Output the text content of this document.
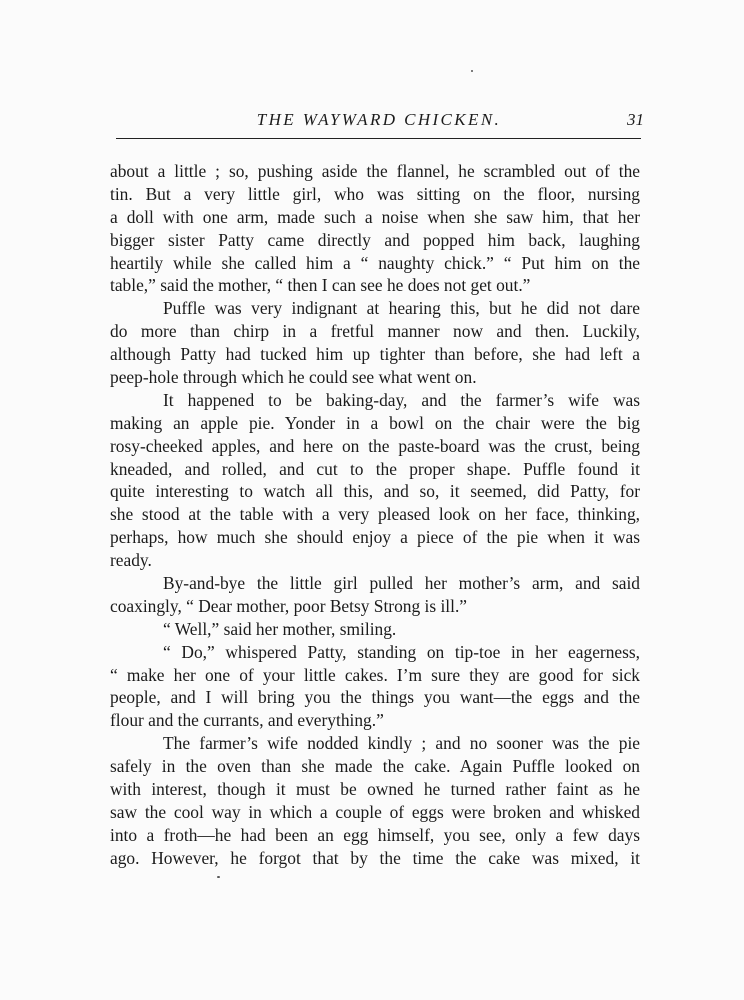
THE WAYWARD CHICKEN.	31
about a little ; so, pushing aside the flannel, he scrambled out of the
tin. But a very little girl, who was sitting on the floor, nursing
a doll with one arm, made such a noise when she saw him, that her
bigger sister Patty came directly and popped him back, laughing
heartily while she called him a “ naughty chick.” “ Put him on the
table,” said the mother, “ then I can see he does not get out.”
Puffle was very indignant at hearing this, but he did not dare
do more than chirp in a fretful manner now and then. Luckily,
although Patty had tucked him up tighter than before, she had left a
peep-hole through which he could see what went on.
It happened to be baking-day, and the farmer’s wife was
making an apple pie. Yonder in a bowl on the chair were the big
rosy-cheeked apples, and here on the paste-board was the crust, being
kneaded, and rolled, and cut to the proper shape. Puffle found it
quite interesting to watch all this, and so, it seemed, did Patty, for
she stood at the table with a very pleased look on her face, thinking,
perhaps, how much she should enjoy a piece of the pie when it was
ready.
By-and-bye the little girl pulled her mother’s arm, and said
coaxingly, “ Dear mother, poor Betsy Strong is ill.”
“ Well,” said her mother, smiling.
“ Do,” whispered Patty, standing on tip-toe in her eagerness,
“ make her one of your little cakes. I’m sure they are good for sick
people, and I will bring you the things you want—the eggs and the
flour and the currants, and everything.”
The farmer’s wife nodded kindly ; and no sooner was the pie
safely in the oven than she made the cake. Again Puffle looked on
with interest, though it must be owned he turned rather faint as he
saw the cool way in which a couple of eggs were broken and whisked
into a froth—he had been an egg himself, you see, only a few days
ago. However, he forgot that by the time the cake was mixed, it
